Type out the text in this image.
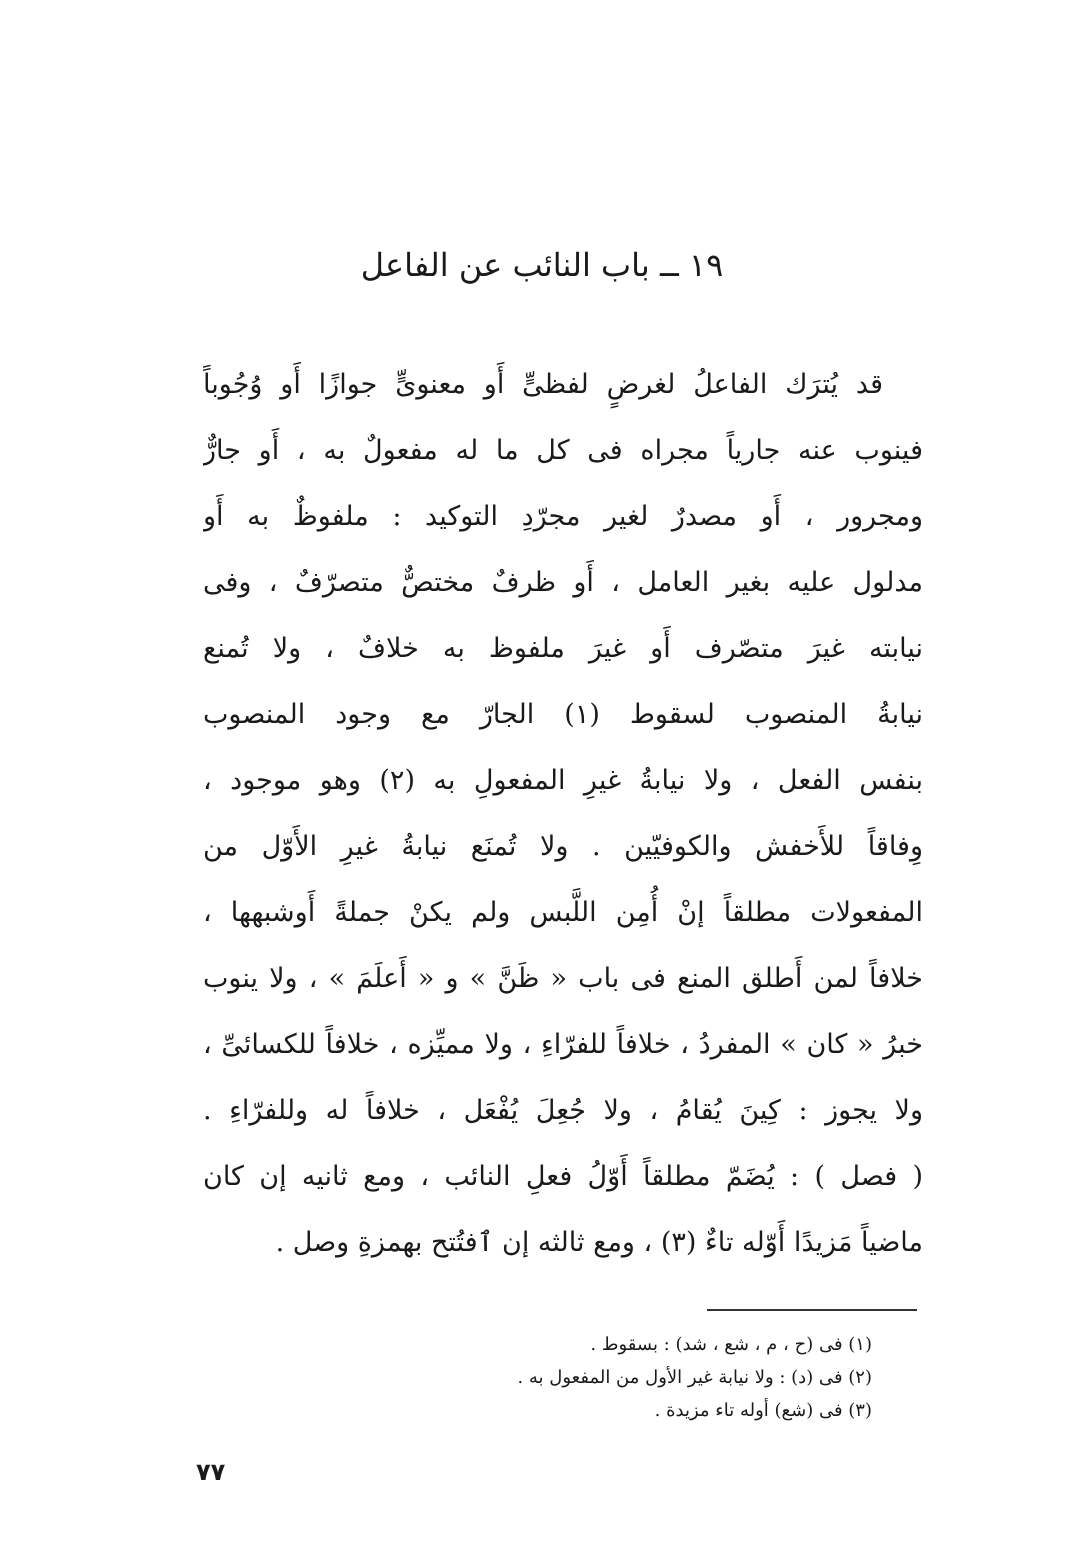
١٩ ــ باب النائب عن الفاعل
قد يُترَك الفاعلُ لغرضٍ لفظىٍّ أَو معنوىٍّ جوازًا أَو وُجُوباً
فينوب عنه جارياً مجراه فى كل ما له مفعولٌ به ، أَو جارٌّ
ومجرور ، أَو مصدرٌ لغير مجرّدِ التوكيد : ملفوظٌ به أَو
مدلول عليه بغير العامل ، أَو ظرفٌ مختصٌّ متصرّفٌ ، وفى
نيابته غيرَ متصّرف أَو غيرَ ملفوظ به خلافٌ ، ولا تُمنع
نيابةُ المنصوب لسقوط (١) الجارّ مع وجود المنصوب
بنفس الفعل ، ولا نيابةُ غيرِ المفعولِ به (٢) وهو موجود ،
وِفاقاً للأَخفش والكوفيّين . ولا تُمنَع نيابةُ غيرِ الأَوّل من
المفعولات مطلقاً إنْ أُمِن اللَّبس ولم يكنْ جملةً أَوشبهها ،
خلافاً لمن أَطلق المنع فى باب « ظَنَّ » و « أَعلَمَ » ، ولا ينوب
خبرُ « كان » المفردُ ، خلافاً للفرّاءِ ، ولا مميِّزه ، خلافاً للكسائىِّ ،
ولا يجوز : كِينَ يُقامُ ، ولا جُعِلَ يُفْعَل ، خلافاً له وللفرّاءِ .
( فصل ) : يُضَمّ مطلقاً أَوّلُ فعلِ النائب ، ومع ثانيه إن كان
ماضياً مَزيدًا أَوّله تاءٌ (٣) ، ومع ثالثه إن ٱفتُتح بهمزةِ وصل .
(١) فى (ح ، م ، شع ، شد) : بسقوط .
(٢) فى (د) : ولا نيابة غير الأول من المفعول به .
(٣) فى (شع) أوله تاء مزيدة .
٧٧
